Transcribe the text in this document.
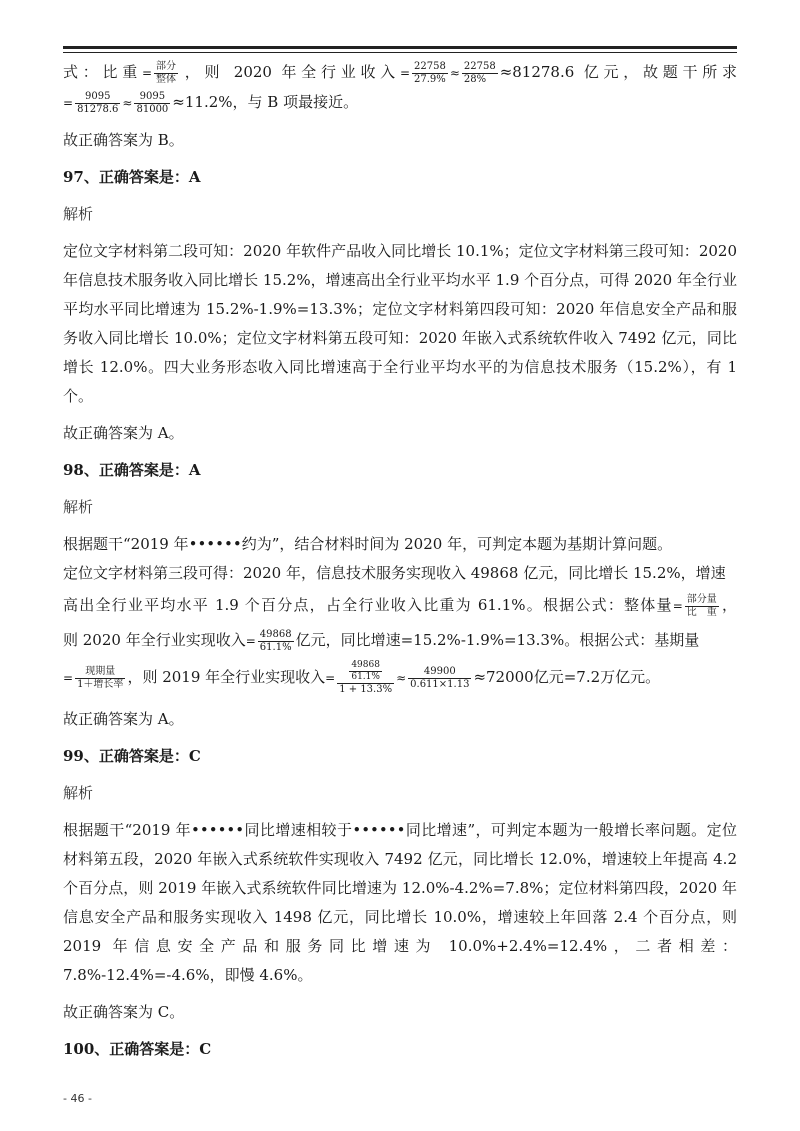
式：比重= $\frac{\text{部分}}{\text{整体}}$ ，则 2020 年全行业收入= $\frac{22758}{27.9\%} \approx \frac{22758}{28\%} \approx 81278.6$ 亿元，故题干所求
= $\frac{9095}{81278.6} \approx \frac{9095}{81000} \approx 11.2\%$，与 B 项最接近。
故正确答案为 B。
97、正确答案是：A
解析
定位文字材料第二段可知：2020 年软件产品收入同比增长 10.1%；定位文字材料第三段可知：2020 年信息技术服务收入同比增长 15.2%，增速高出全行业平均水平 1.9 个百分点，可得 2020 年全行业平均水平同比增速为 15.2%-1.9%=13.3%；定位文字材料第四段可知：2020 年信息安全产品和服务收入同比增长 10.0%；定位文字材料第五段可知：2020 年嵌入式系统软件收入 7492 亿元，同比增长 12.0%。四大业务形态收入同比增速高于全行业平均水平的为信息技术服务（15.2%），有 1 个。
故正确答案为 A。
98、正确答案是：A
解析
根据题干“2019 年••••••约为”，结合材料时间为 2020 年，可判定本题为基期计算问题。
定位文字材料第三段可得：2020 年，信息技术服务实现收入 49868 亿元，同比增长 15.2%，增速
高出全行业平均水平 1.9 个百分点，占全行业收入比重为 61.1%。根据公式：整体量= $\frac{\text{部分量}}{\text{比重}}$ ，
则 2020 年全行业实现收入= $\frac{49868}{61.1\%}$ 亿元，同比增速=15.2%-1.9%=13.3%。根据公式：基期量
= $\frac{\text{现期量}}{\text{1＋增长率}}$ ，则 2019 年全行业实现收入= $\frac{\frac{49868}{61.1\%}}{1 + 13.3\%} \approx \frac{49900}{0.611\times 1.13} \approx 72000$亿元=7.2万亿元。
故正确答案为 A。
99、正确答案是：C
解析
根据题干“2019 年••••••同比增速相较于••••••同比增速”，可判定本题为一般增长率问题。定位材料第五段，2020 年嵌入式系统软件实现收入 7492 亿元，同比增长 12.0%，增速较上年提高 4.2 个百分点，则 2019 年嵌入式系统软件同比增速为 12.0%-4.2%=7.8%；定位材料第四段，2020 年信息安全产品和服务实现收入 1498 亿元，同比增长 10.0%，增速较上年回落 2.4 个百分点，则 2019 年信息安全产品和服务同比增速为 10.0%+2.4%=12.4%，二者相差：7.8%-12.4%=-4.6%，即慢 4.6%。
故正确答案为 C。
100、正确答案是：C
- 46 -
